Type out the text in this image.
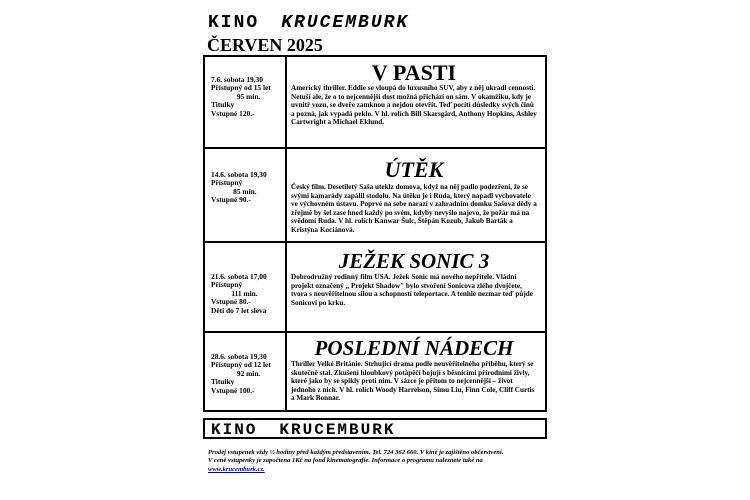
KINO KRUCEMBURK
ČERVEN 2025
7.6. sobota 19,30
Přístupný od 15 let
95 min.
Titulky
Vstupné 120.-
V PASTI
Americký thriller. Eddie se vloupá do luxusního SUV, aby z něj ukradl cennosti. Netuší ale, že o to nejcennější dost možná přichází on sám. V okamžiku, kdy je uvnitř vozu, se dveře zamknou a nejdou otevřít. Teď pocítí důsledky svých činů a pozná, jak vypadá peklo. V hl. rolích Bill Skarsgård, Anthony Hopkins, Ashley Cartwright a Michael Eklund.
14.6. sobota 19,30
Přístupný
85 min.
Vstupné 90.-
ÚTĚK
Český film. Desetiletý Saša uteklz domova, když na něj padlo podezření, že se svými kamarády zapálil stodolu. Na útěku je i Ruda, který napadl vychovatele ve výchovném ústavu. Poprvé na sebe narazí v zahradním domku Sašova dědy a zřejmě by šel zase hned každý po svém, kdyby nevyšlo najevo, že požár má na svědomí Ruda. V hl. rolích Kanwar Šulc, Štěpán Kozub, Jakub Barták a Kristýna Kociánová.
21.6. sobota 17,00
Přístupný
111 min.
Vstupné 80.-
Děti do 7 let sleva
JEŽEK SONIC 3
Dobrodružný rodinný film USA. Ježek Sonic má nového nepřítele. Vládní projekt označený „ Projekt Shadow" bylo stvoření Sonicova zlého dvojčete, tvora s neuvěřitelnou silou a schopností teleportace. A tenhle nezmar teď půjde Sonicovi po krku.
28.6. sobota 19,30
Přístupný od 12 let
92 min.
Titulky
Vstupné 100.-
POSLEDNÍ NÁDECH
Thriller Velké Británie. Strhující drama podle neuvěřitelného příběhu, který se skutečně stal. Zkušení hloubkový potápěčí bojují s běsnícími přírodními živly, které jako by se spikly proti nim. V sázce je přitom to nejcennější – život jednoho z nich. V hl. rolích Woody Harrelson, Simu Liu, Finn Cole, Cliff Curtis a Mark Bonnar.
KINO KRUCEMBURK
Prodej vstupenek vždy ½ hodiny před každým představením. Tel. 724 362 660. V kině je zajištěno občerstvení.
V ceně vstupenky je započtena 1Kč na fond kinematografie. Informace o programu naleznete také na
www.krucemburk.cz.
